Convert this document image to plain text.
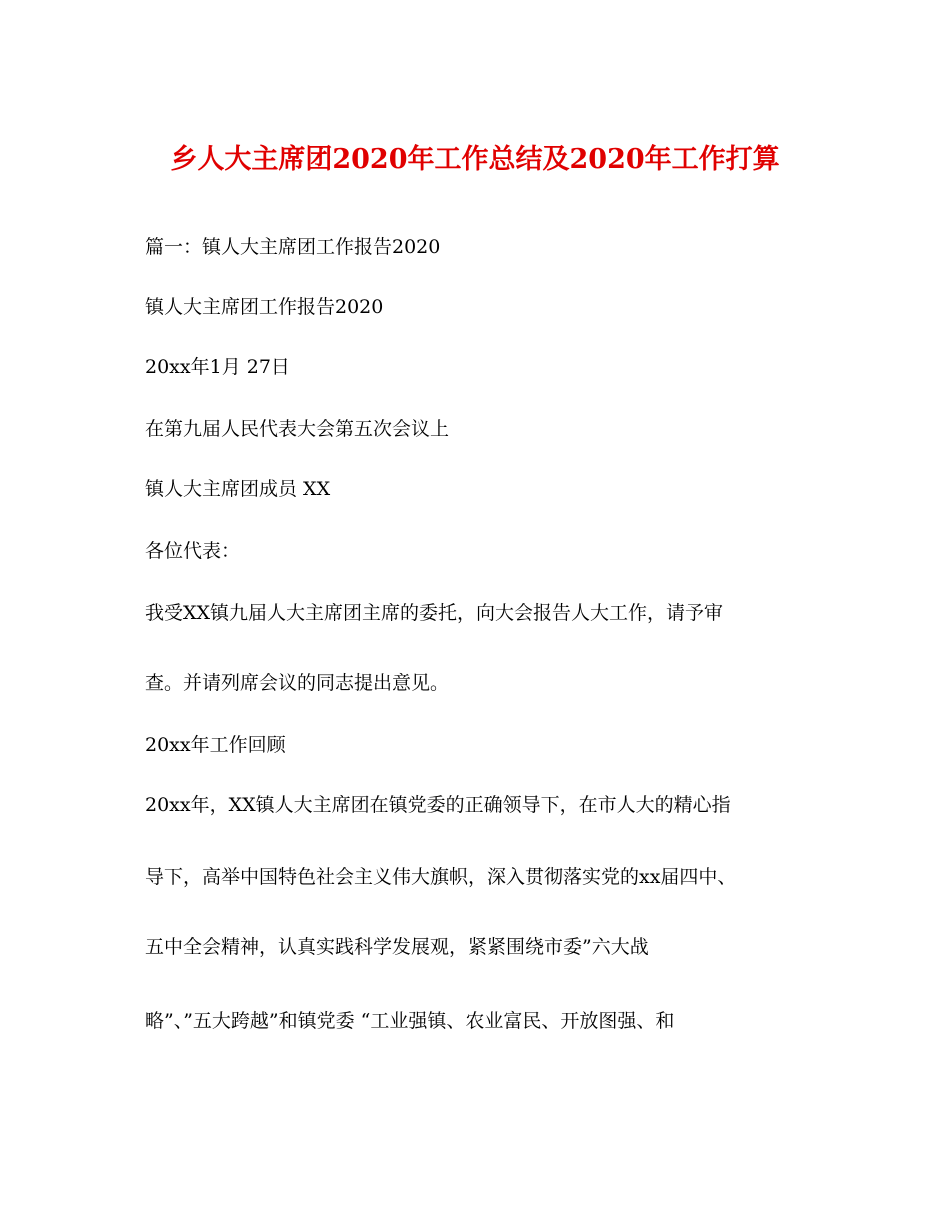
乡人大主席团2020年工作总结及2020年工作打算
篇一：镇人大主席团工作报告2020
镇人大主席团工作报告2020
20xx年1月 27日
在第九届人民代表大会第五次会议上
镇人大主席团成员 XX
各位代表：
我受XX镇九届人大主席团主席的委托，向大会报告人大工作，请予审
查。并请列席会议的同志提出意见。
20xx年工作回顾
20xx年，XX镇人大主席团在镇党委的正确领导下，在市人大的精心指
导下，高举中国特色社会主义伟大旗帜，深入贯彻落实党的xx届四中、
五中全会精神，认真实践科学发展观，紧紧围绕市委”六大战
略”、”五大跨越”和镇党委 “工业强镇、农业富民、开放图强、和
